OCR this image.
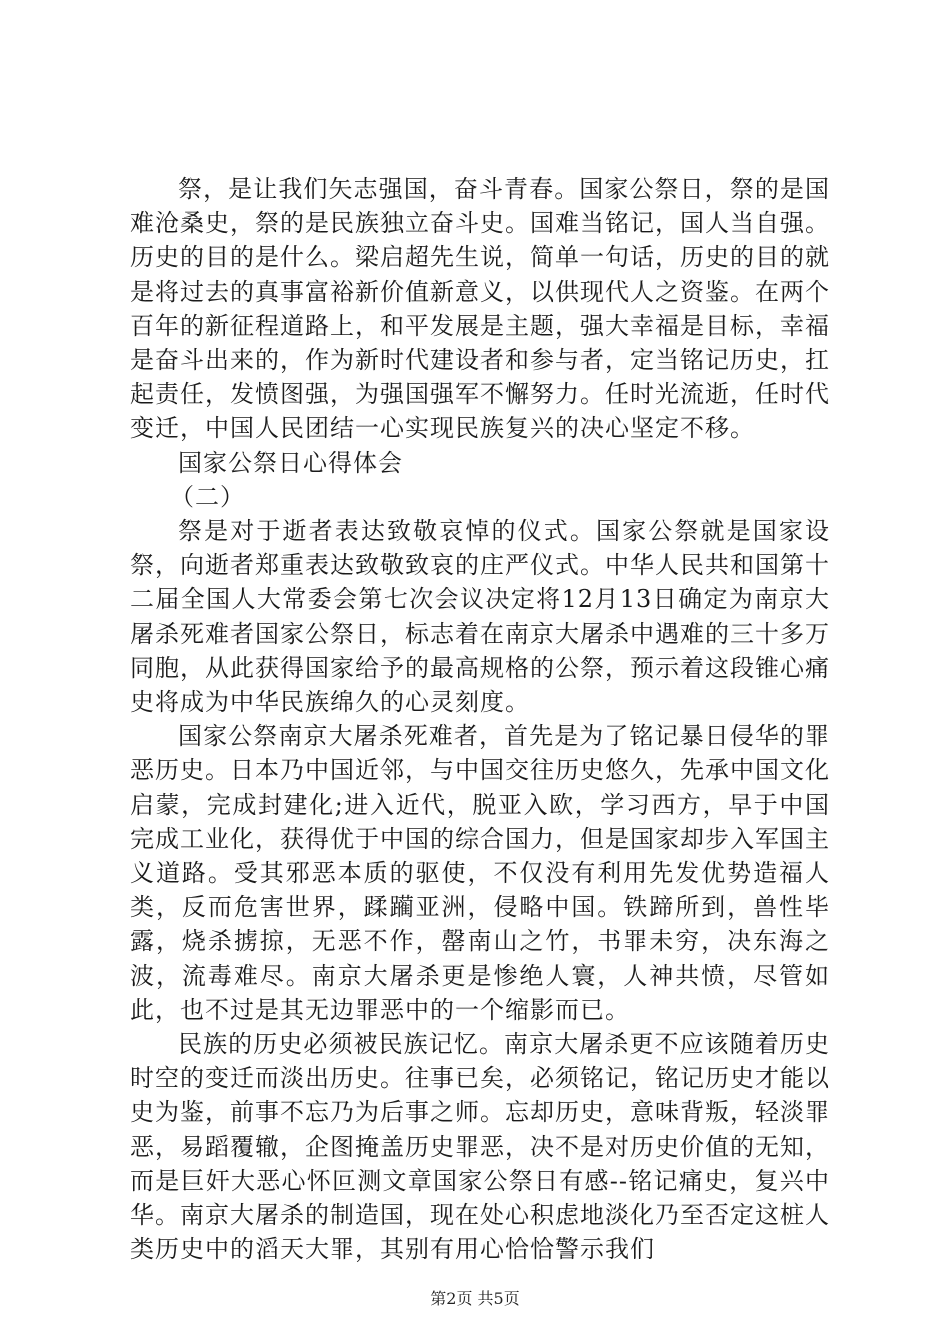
祭，是让我们矢志强国，奋斗青春。国家公祭日，祭的是国难沧桑史，祭的是民族独立奋斗史。国难当铭记，国人当自强。历史的目的是什么。梁启超先生说，简单一句话，历史的目的就是将过去的真事富裕新价值新意义，以供现代人之资鉴。在两个百年的新征程道路上，和平发展是主题，强大幸福是目标，幸福是奋斗出来的，作为新时代建设者和参与者，定当铭记历史，扛起责任，发愤图强，为强国强军不懈努力。任时光流逝，任时代变迁，中国人民团结一心实现民族复兴的决心坚定不移。

国家公祭日心得体会

（二）

祭是对于逝者表达致敬哀悼的仪式。国家公祭就是国家设祭，向逝者郑重表达致敬致哀的庄严仪式。中华人民共和国第十二届全国人大常委会第七次会议决定将12月13日确定为南京大屠杀死难者国家公祭日，标志着在南京大屠杀中遇难的三十多万同胞，从此获得国家给予的最高规格的公祭，预示着这段锥心痛史将成为中华民族绵久的心灵刻度。

国家公祭南京大屠杀死难者，首先是为了铭记暴日侵华的罪恶历史。日本乃中国近邻，与中国交往历史悠久，先承中国文化启蒙，完成封建化;进入近代，脱亚入欧，学习西方，早于中国完成工业化，获得优于中国的综合国力，但是国家却步入军国主义道路。受其邪恶本质的驱使，不仅没有利用先发优势造福人类，反而危害世界，蹂躏亚洲，侵略中国。铁蹄所到，兽性毕露，烧杀掳掠，无恶不作，罄南山之竹，书罪未穷，决东海之波，流毒难尽。南京大屠杀更是惨绝人寰，人神共愤，尽管如此，也不过是其无边罪恶中的一个缩影而已。

民族的历史必须被民族记忆。南京大屠杀更不应该随着历史时空的变迁而淡出历史。往事已矣，必须铭记，铭记历史才能以史为鉴，前事不忘乃为后事之师。忘却历史，意味背叛，轻淡罪恶，易蹈覆辙，企图掩盖历史罪恶，决不是对历史价值的无知，而是巨奸大恶心怀叵测文章国家公祭日有感--铭记痛史，复兴中华。南京大屠杀的制造国，现在处心积虑地淡化乃至否定这桩人类历史中的滔天大罪，其别有用心恰恰警示我们

第2页 共5页
